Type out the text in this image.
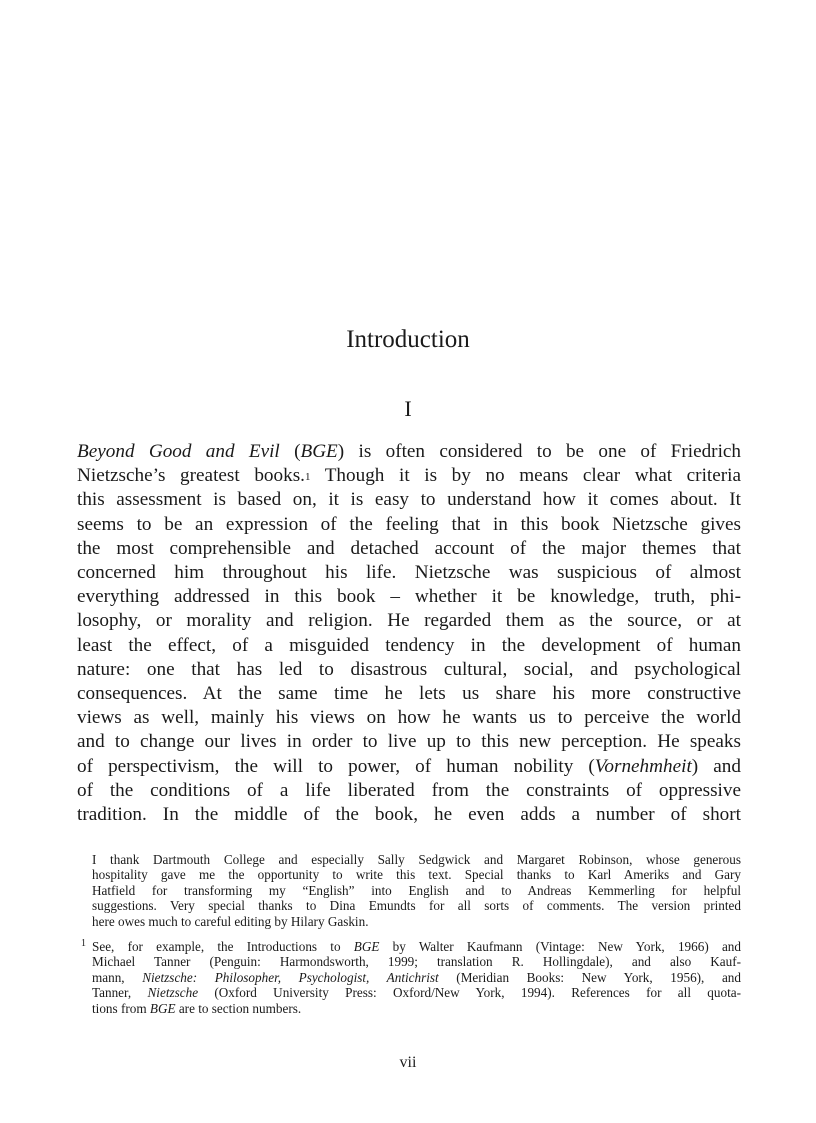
Introduction
I
Beyond Good and Evil (BGE) is often considered to be one of Friedrich
Nietzsche’s greatest books.$^1$ Though it is by no means clear what criteria
this assessment is based on, it is easy to understand how it comes about. It
seems to be an expression of the feeling that in this book Nietzsche gives
the most comprehensible and detached account of the major themes that
concerned him throughout his life. Nietzsche was suspicious of almost
everything addressed in this book – whether it be knowledge, truth, phi-
losophy, or morality and religion. He regarded them as the source, or at
least the effect, of a misguided tendency in the development of human
nature: one that has led to disastrous cultural, social, and psychological
consequences. At the same time he lets us share his more constructive
views as well, mainly his views on how he wants us to perceive the world
and to change our lives in order to live up to this new perception. He speaks
of perspectivism, the will to power, of human nobility (Vornehmheit) and
of the conditions of a life liberated from the constraints of oppressive
tradition. In the middle of the book, he even adds a number of short
I thank Dartmouth College and especially Sally Sedgwick and Margaret Robinson, whose generous
hospitality gave me the opportunity to write this text. Special thanks to Karl Ameriks and Gary
Hatfield for transforming my “English” into English and to Andreas Kemmerling for helpful
suggestions. Very special thanks to Dina Emundts for all sorts of comments. The version printed
here owes much to careful editing by Hilary Gaskin.
1 See, for example, the Introductions to BGE by Walter Kaufmann (Vintage: New York, 1966) and
Michael Tanner (Penguin: Harmondsworth, 1999; translation R. Hollingdale), and also Kauf-
mann, Nietzsche: Philosopher, Psychologist, Antichrist (Meridian Books: New York, 1956), and
Tanner, Nietzsche (Oxford University Press: Oxford/New York, 1994). References for all quota-
tions from BGE are to section numbers.
vii
